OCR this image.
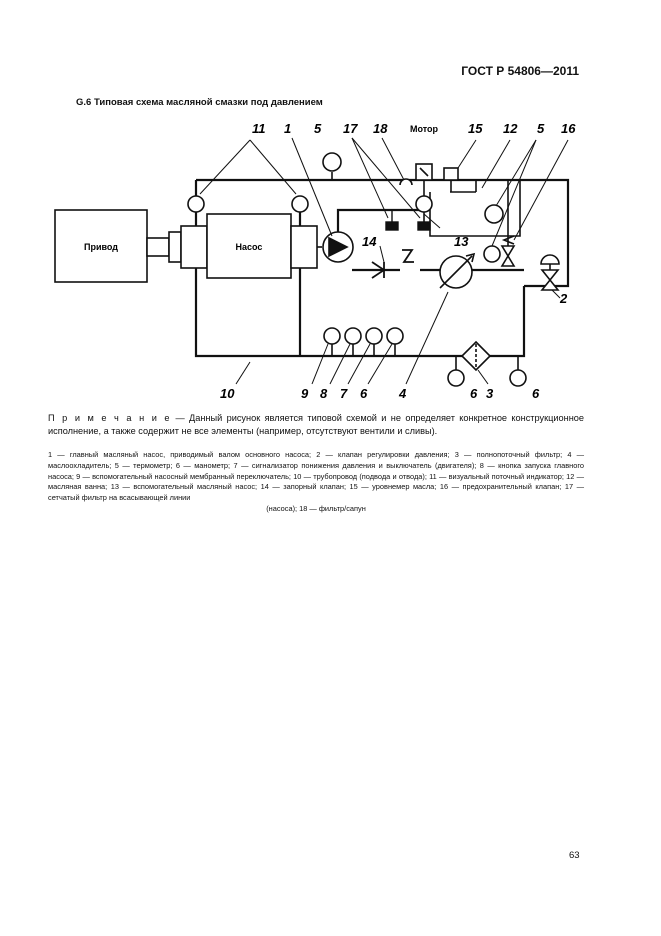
ГОСТ Р 54806—2011
G.6 Типовая схема масляной смазки под давлением
Привод	Насос
Мотор
11 1 5 17 18	15 12 5 16
14	13
2
10	9 8 7 6 4	6 3	6
П р и м е ч а н и е — Данный рисунок является типовой схемой и не определяет конкретное конструкционное исполнение, а также содержит не все элементы (например, отсутствуют вентили и сливы).
1 — главный масляный насос, приводимый валом основного насоса; 2 — клапан регулировки давления; 3 — полнопоточный фильтр; 4 — маслоохладитель; 5 — термометр; 6 — манометр; 7 — сигнализатор понижения давления и выключатель (двигателя); 8 — кнопка запуска главного насоса; 9 — вспомогательный насосный мембранный переключатель; 10 — трубопровод (подвода и отвода); 11 — визуальный поточный индикатор; 12 — масляная ванна; 13 — вспомогательный масляный насос; 14 — запорный клапан; 15 — уровнемер масла; 16 — предохранительный клапан; 17 — сетчатый фильтр на всасывающей линии
(насоса); 18 — фильтр/сапун
63
